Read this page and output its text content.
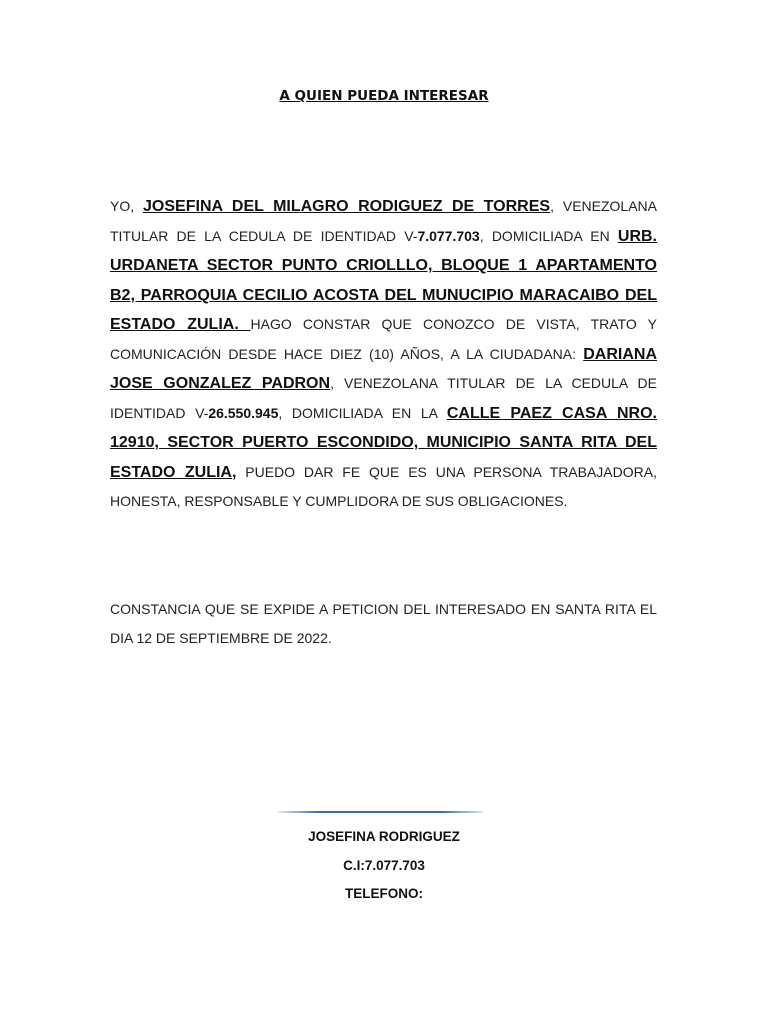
A QUIEN PUEDA INTERESAR
YO, JOSEFINA DEL MILAGRO RODIGUEZ DE TORRES, VENEZOLANA TITULAR DE LA CEDULA DE IDENTIDAD V-7.077.703, DOMICILIADA EN URB. URDANETA SECTOR PUNTO CRIOLLLO, BLOQUE 1 APARTAMENTO B2, PARROQUIA CECILIO ACOSTA DEL MUNUCIPIO MARACAIBO DEL ESTADO ZULIA. HAGO CONSTAR QUE CONOZCO DE VISTA, TRATO Y COMUNICACIÓN DESDE HACE DIEZ (10) AÑOS, A LA CIUDADANA: DARIANA JOSE GONZALEZ PADRON, VENEZOLANA TITULAR DE LA CEDULA DE IDENTIDAD V-26.550.945, DOMICILIADA EN LA CALLE PAEZ CASA NRO. 12910, SECTOR PUERTO ESCONDIDO, MUNICIPIO SANTA RITA DEL ESTADO ZULIA, PUEDO DAR FE QUE ES UNA PERSONA TRABAJADORA, HONESTA, RESPONSABLE Y CUMPLIDORA DE SUS OBLIGACIONES.
CONSTANCIA QUE SE EXPIDE A PETICION DEL INTERESADO EN SANTA RITA EL DIA 12 DE SEPTIEMBRE DE 2022.
JOSEFINA RODRIGUEZ
C.I:7.077.703
TELEFONO:
